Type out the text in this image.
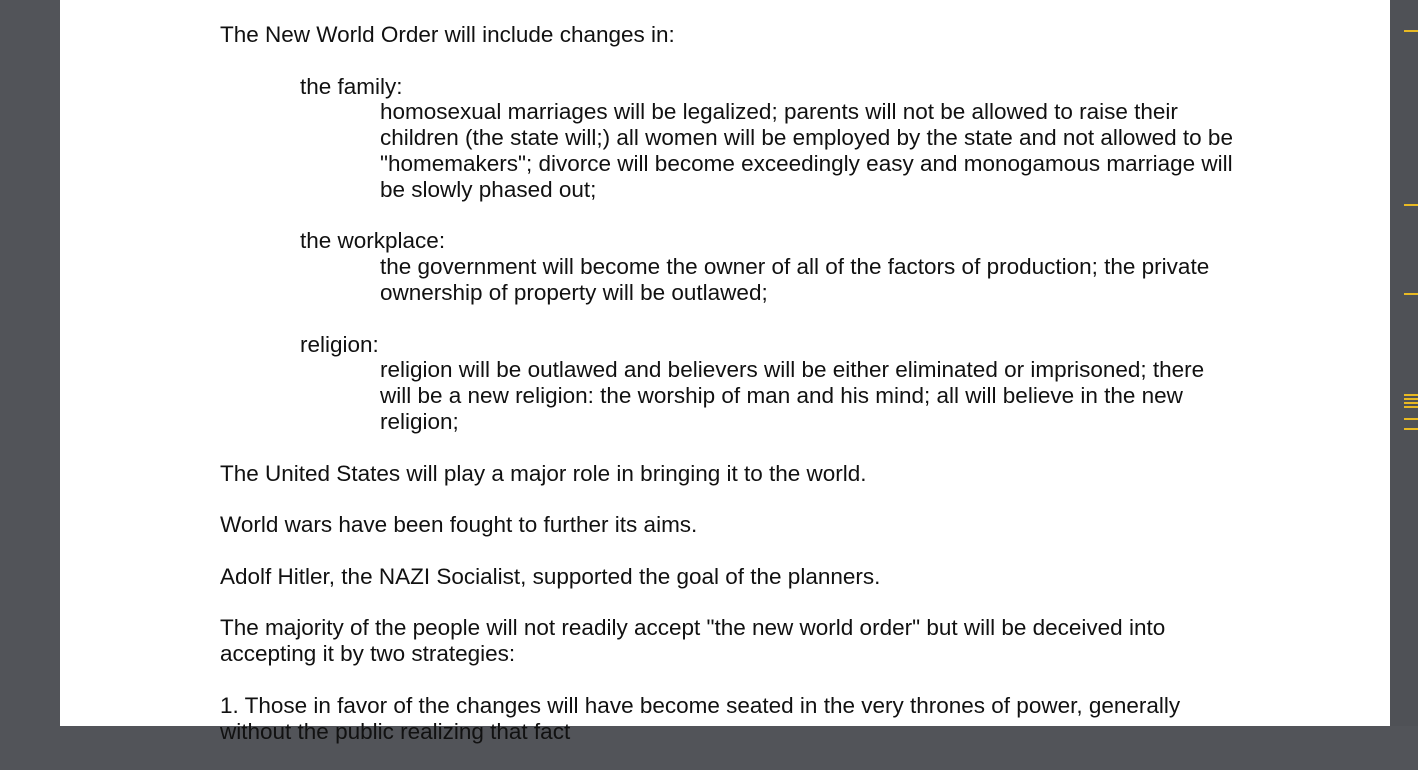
The New World Order will include changes in:
the family:
homosexual marriages will be legalized; parents will not be allowed to raise their
children (the state will;) all women will be employed by the state and not allowed to be
"homemakers"; divorce will become exceedingly easy and monogamous marriage will
be slowly phased out;
the workplace:
the government will become the owner of all of the factors of production; the private
ownership of property will be outlawed;
religion:
religion will be outlawed and believers will be either eliminated or imprisoned; there
will be a new religion: the worship of man and his mind; all will believe in the new
religion;
The United States will play a major role in bringing it to the world.
World wars have been fought to further its aims.
Adolf Hitler, the NAZI Socialist, supported the goal of the planners.
The majority of the people will not readily accept "the new world order" but will be deceived into
accepting it by two strategies:
1. Those in favor of the changes will have become seated in the very thrones of power, generally
without the public realizing that fact
